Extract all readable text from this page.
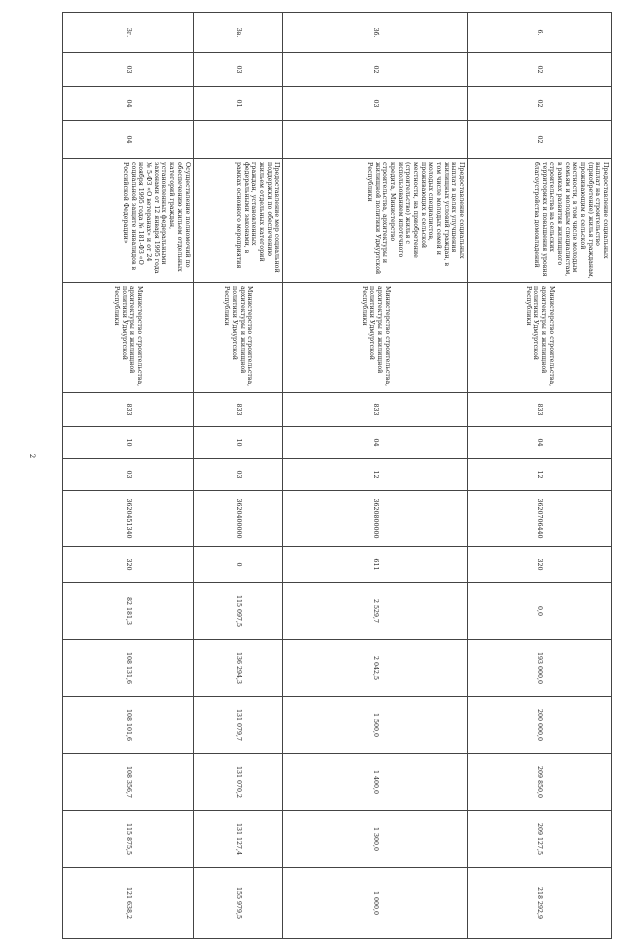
2
6.	02	02	02	Предоставление социальных выплат на строительство (приобретение) жилья гражданам, проживающим в сельской местности, в том числе молодым семьям и молодым специалистам, в рамках развития жилищного строительства на сельских территориях и повышения уровня благоустройства домовладений	Министерство строительства, архитектуры и жилищной политики Удмуртской Республики	833	04	12	3620706440	320	0,0	193 000,0	200 000,0	209 850,0	209 127,5	218 292,9
3б.	02	03		Предоставление социальных выплат в целях улучшения жилищных условий граждан, в том числе молодых семей и молодых специалистов, проживающих в сельской местности, на приобретение (строительство) жилья с использованием ипотечного кредита, Министерство строительства, архитектуры и жилищной политики Удмуртской Республики	Министерство строительства, архитектуры и жилищной политики Удмуртской Республики	833	04	12	3620800000	611	2 529,7	2 042,5	1 500,0	1 400,0	1 300,0	1 000,0
3в.	03	01		Предоставление мер социальной поддержки по обеспечению жильем отдельных категорий граждан, установленных федеральными законами, в рамках основного мероприятия	Министерство строительства, архитектуры и жилищной политики Удмуртской Республики	833	10	03	3620400000	0	115 097,5	136 294,3	131 079,7	131 070,2	131 127,4	155 979,5
3г.	03	04	04	Осуществление полномочий по обеспечению жильем отдельных категорий граждан, установленных федеральными законами от 12 января 1995 года № 5-ФЗ «О ветеранах» и от 24 ноября 1995 года № 181-ФЗ «О социальной защите инвалидов в Российской Федерации»	Министерство строительства, архитектуры и жилищной политики Удмуртской Республики	833	10	03	3620451340	320	82 181,3	108 131,6	108 101,6	108 356,7	115 875,5	121 638,2
